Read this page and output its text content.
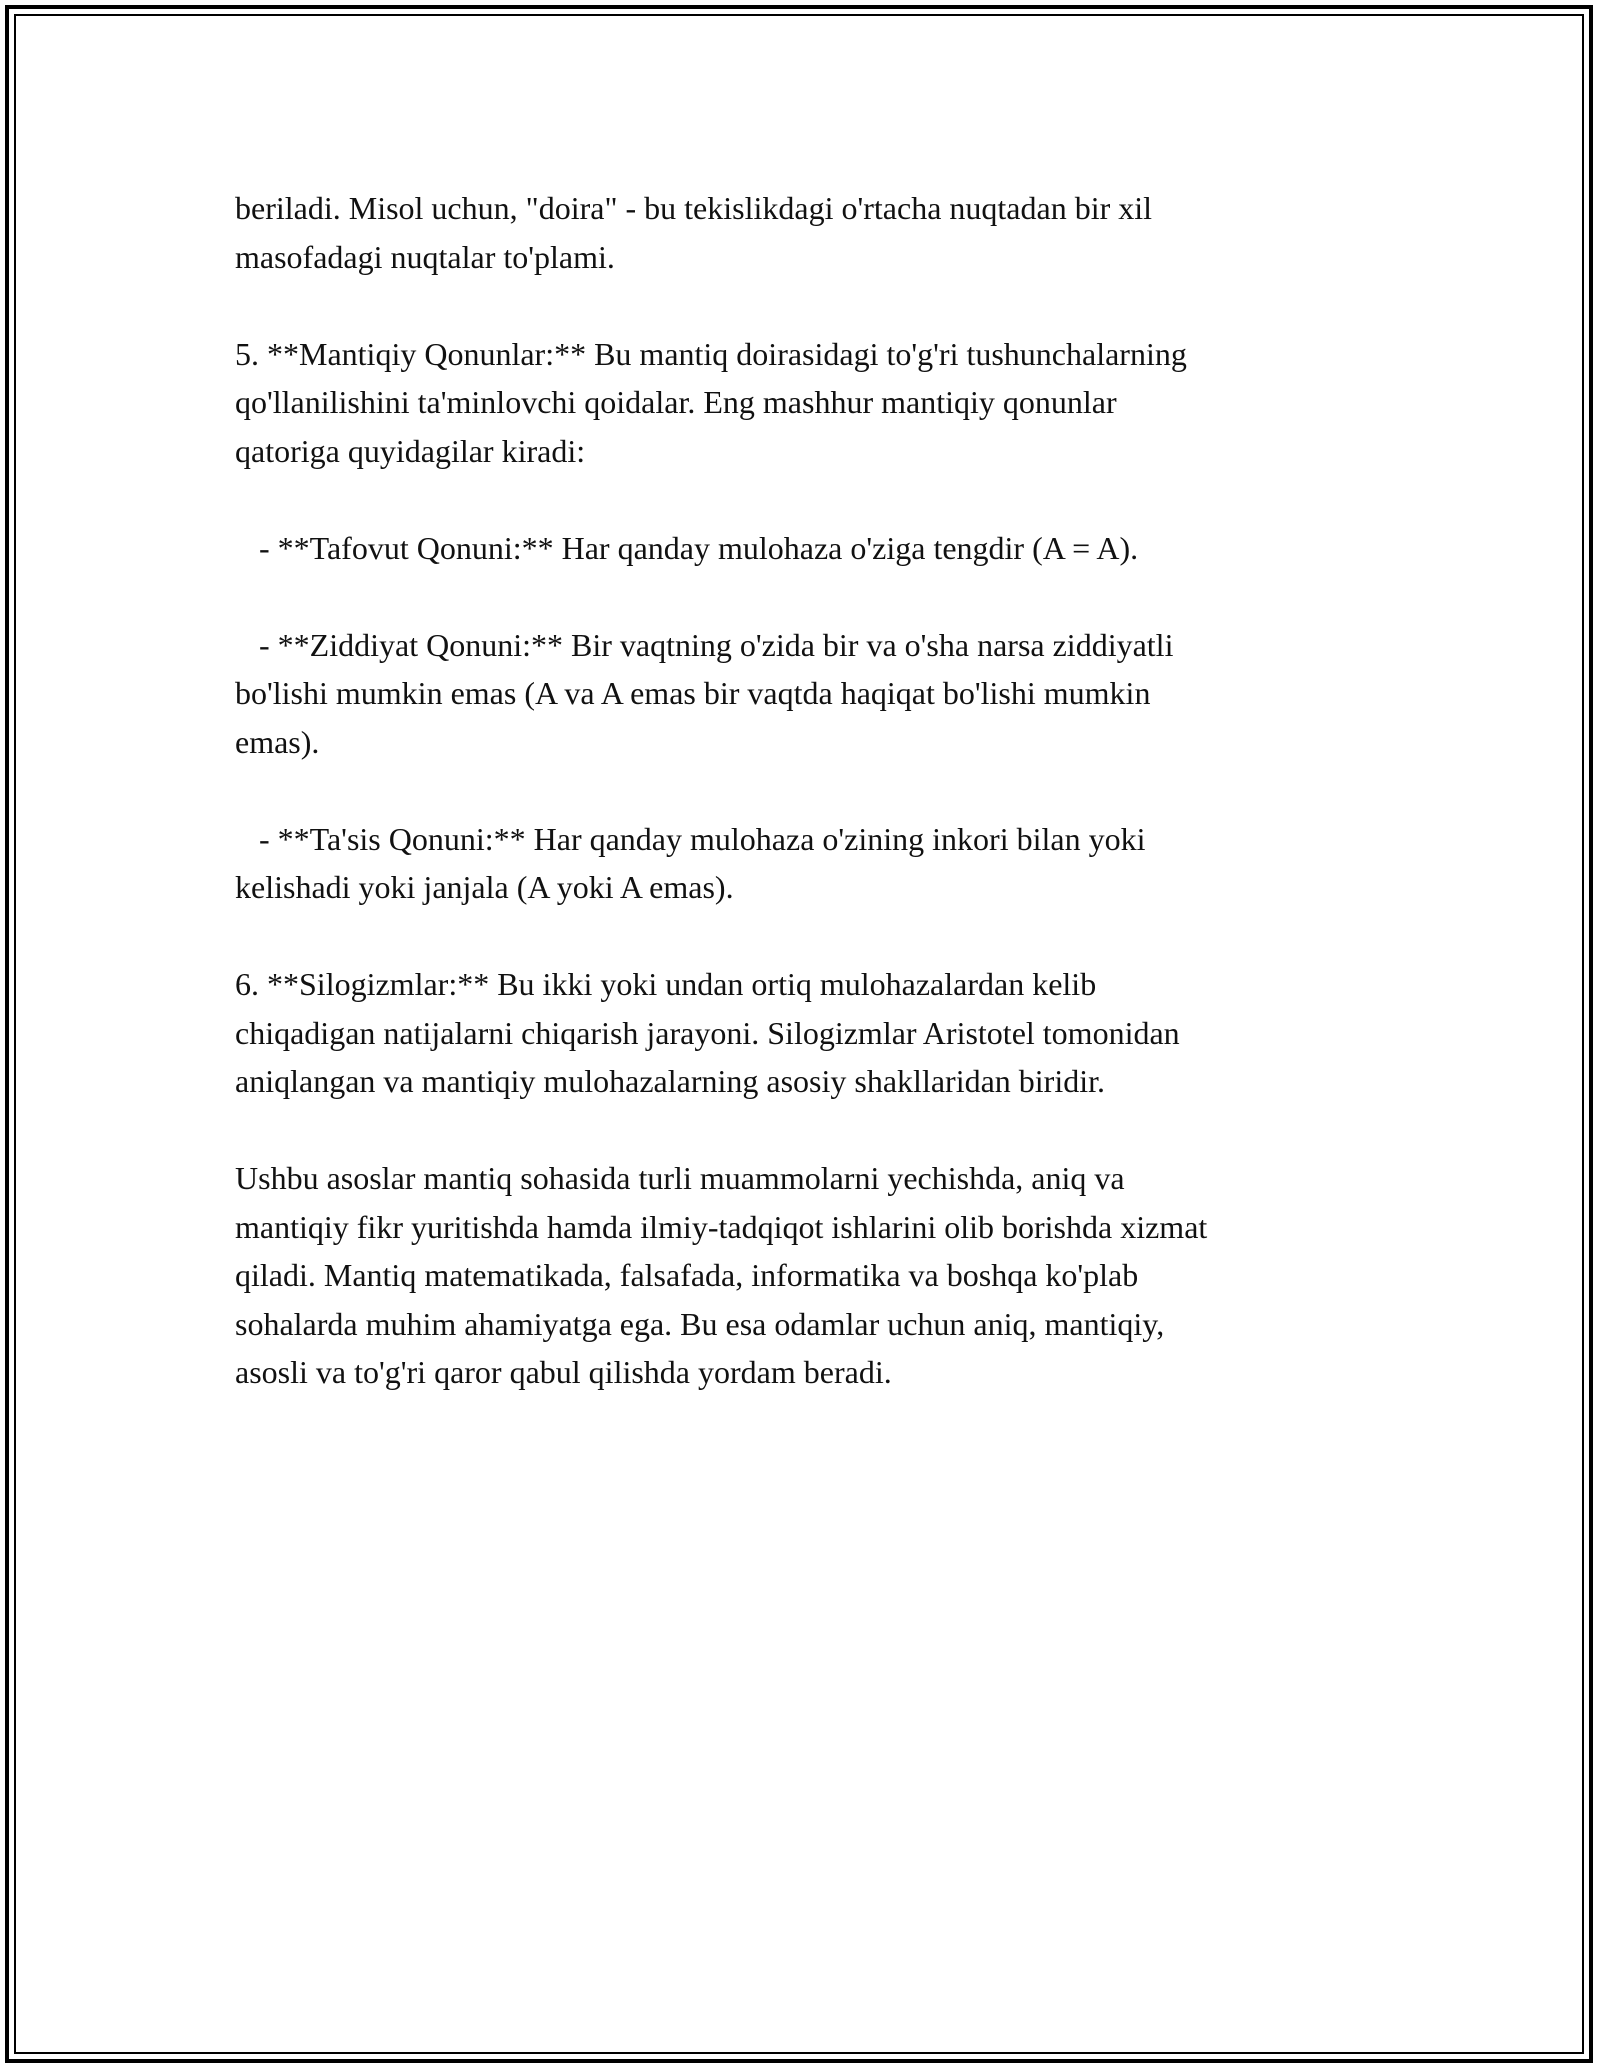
beriladi. Misol uchun, "doira" - bu tekislikdagi o'rtacha nuqtadan bir xil
masofadagi nuqtalar to'plami.

5. **Mantiqiy Qonunlar:** Bu mantiq doirasidagi to'g'ri tushunchalarning
qo'llanilishini ta'minlovchi qoidalar. Eng mashhur mantiqiy qonunlar
qatoriga quyidagilar kiradi:

- **Tafovut Qonuni:** Har qanday mulohaza o'ziga tengdir (A = A).

- **Ziddiyat Qonuni:** Bir vaqtning o'zida bir va o'sha narsa ziddiyatli
bo'lishi mumkin emas (A va A emas bir vaqtda haqiqat bo'lishi mumkin
emas).

- **Ta'sis Qonuni:** Har qanday mulohaza o'zining inkori bilan yoki
kelishadi yoki janjala (A yoki A emas).

6. **Silogizmlar:** Bu ikki yoki undan ortiq mulohazalardan kelib
chiqadigan natijalarni chiqarish jarayoni. Silogizmlar Aristotel tomonidan
aniqlangan va mantiqiy mulohazalarning asosiy shakllaridan biridir.

Ushbu asoslar mantiq sohasida turli muammolarni yechishda, aniq va
mantiqiy fikr yuritishda hamda ilmiy-tadqiqot ishlarini olib borishda xizmat
qiladi. Mantiq matematikada, falsafada, informatika va boshqa ko'plab
sohalarda muhim ahamiyatga ega. Bu esa odamlar uchun aniq, mantiqiy,
asosli va to'g'ri qaror qabul qilishda yordam beradi.
